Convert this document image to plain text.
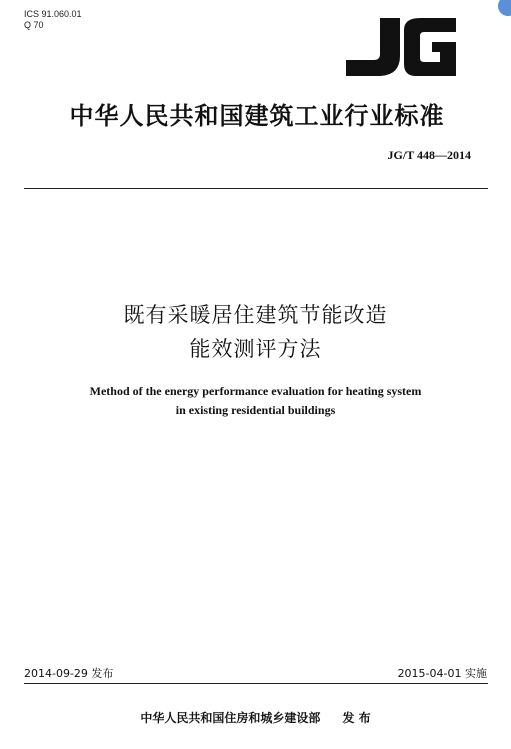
ICS 91.060.01
Q 70
中华人民共和国建筑工业行业标准
JG/T 448—2014
既有采暖居住建筑节能改造
能效测评方法
Method of the energy performance evaluation for heating system
in existing residential buildings
2014-09-29 发布	2015-04-01 实施
中华人民共和国住房和城乡建设部 发 布
